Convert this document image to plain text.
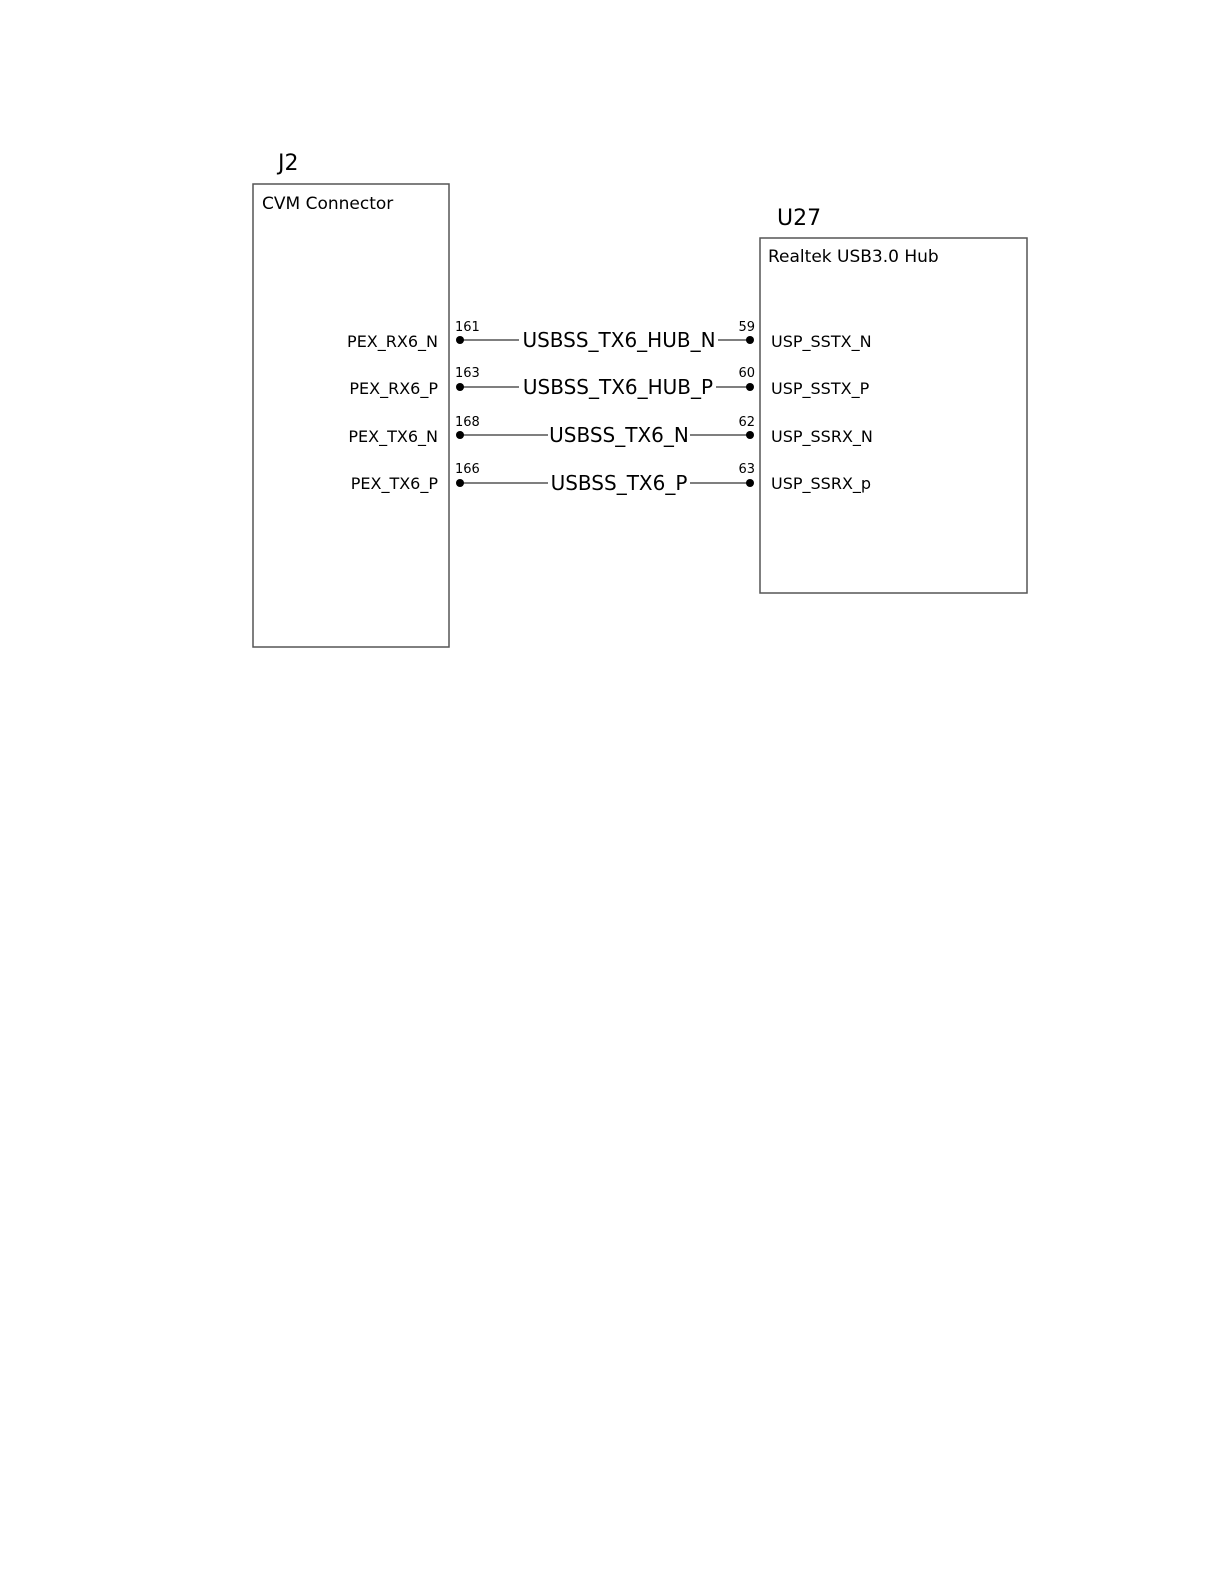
J2
CVM Connector
PEX_RX6_N
PEX_RX6_P
PEX_TX6_N
PEX_TX6_P
U27
Realtek USB3.0 Hub
USP_SSTX_N
USP_SSTX_P
USP_SSRX_N
USP_SSRX_p
161	59
USBSS_TX6_HUB_N
163	60
USBSS_TX6_HUB_P
168	62
USBSS_TX6_N
166	63
USBSS_TX6_P
